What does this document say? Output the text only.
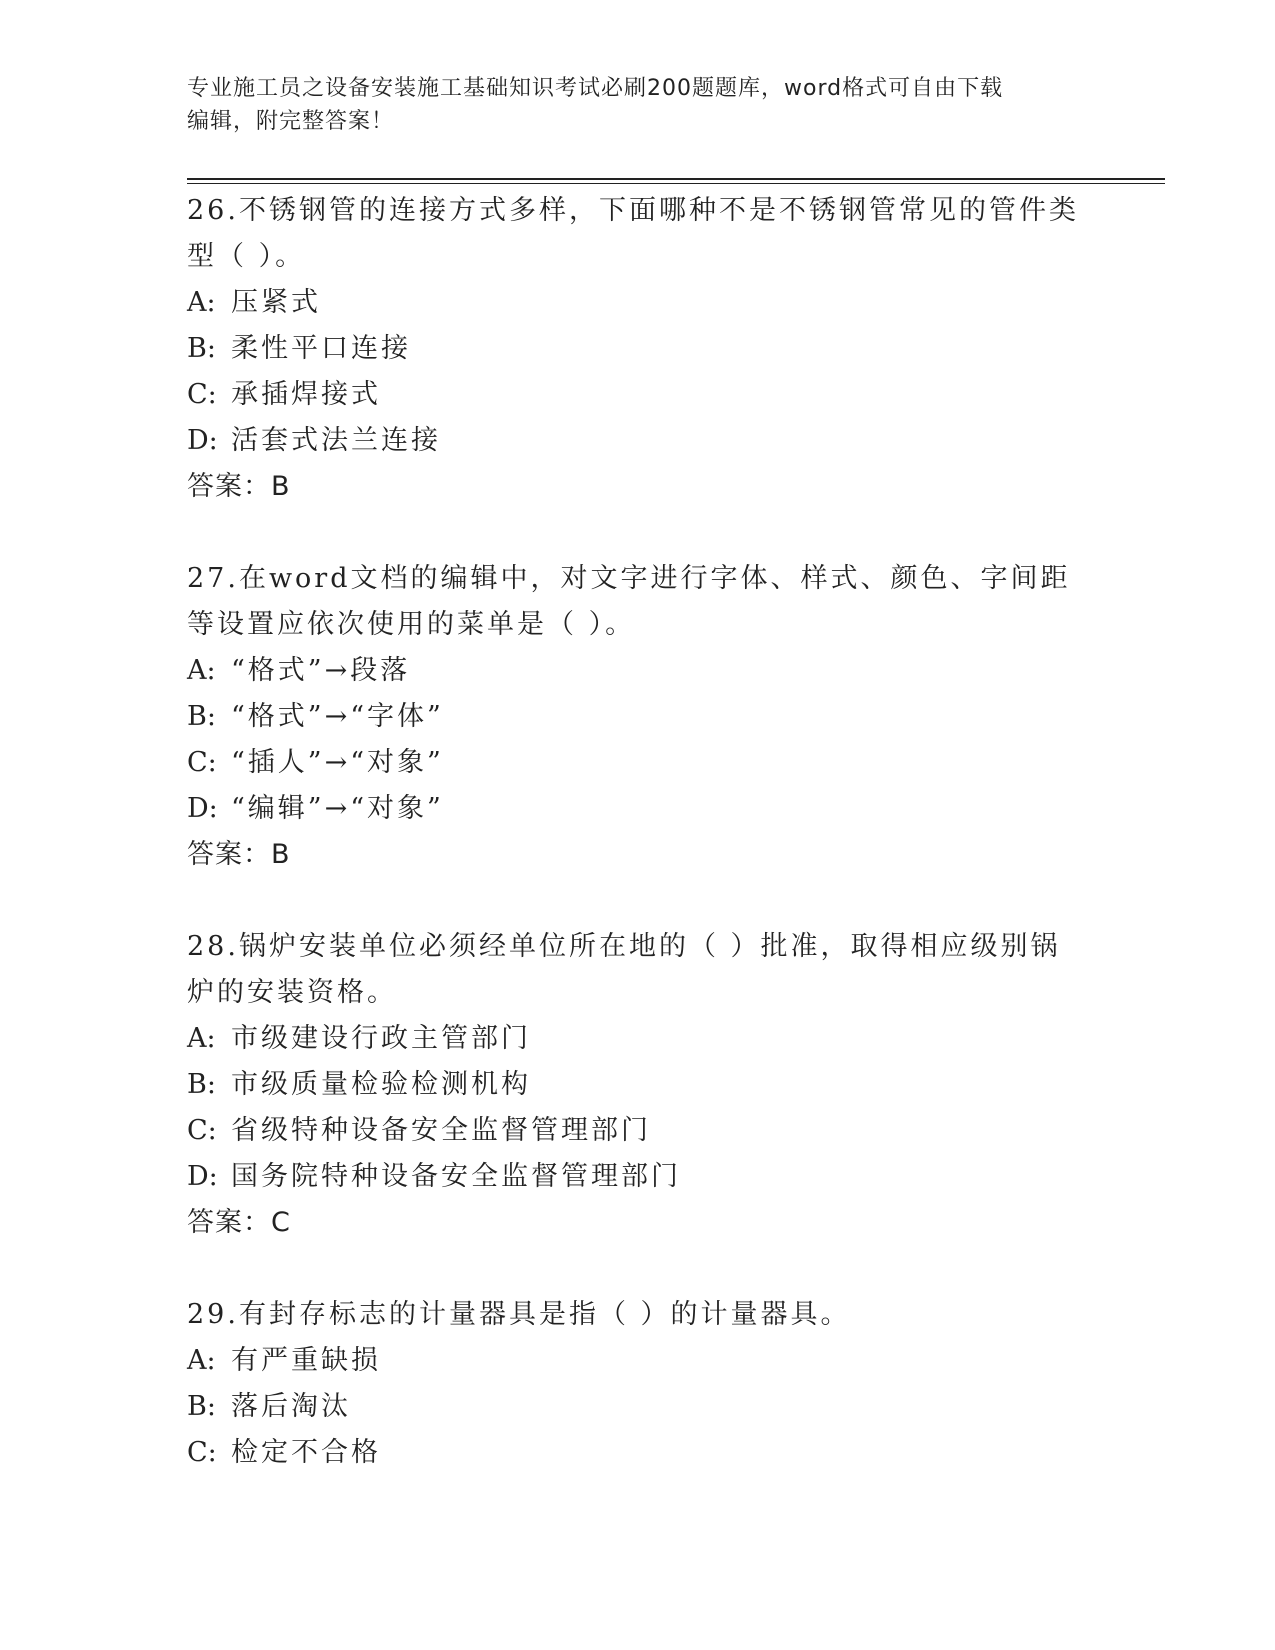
专业施工员之设备安装施工基础知识考试必刷200题题库，word格式可自由下载
编辑，附完整答案！

26.不锈钢管的连接方式多样，下面哪种不是不锈钢管常见的管件类型（ ）。

A: 压紧式
B: 柔性平口连接
C: 承插焊接式
D: 活套式法兰连接
答案：B

27.在word文档的编辑中，对文字进行字体、样式、颜色、字间距等设置应依次使用的菜单是（ ）。

A: “格式”→段落
B: “格式”→“字体”
C: “插人”→“对象”
D: “编辑”→“对象”
答案：B

28.锅炉安装单位必须经单位所在地的（ ）批准，取得相应级别锅炉的安装资格。

A: 市级建设行政主管部门
B: 市级质量检验检测机构
C: 省级特种设备安全监督管理部门
D: 国务院特种设备安全监督管理部门
答案：C

29.有封存标志的计量器具是指（ ）的计量器具。

A: 有严重缺损
B: 落后淘汰
C: 检定不合格
